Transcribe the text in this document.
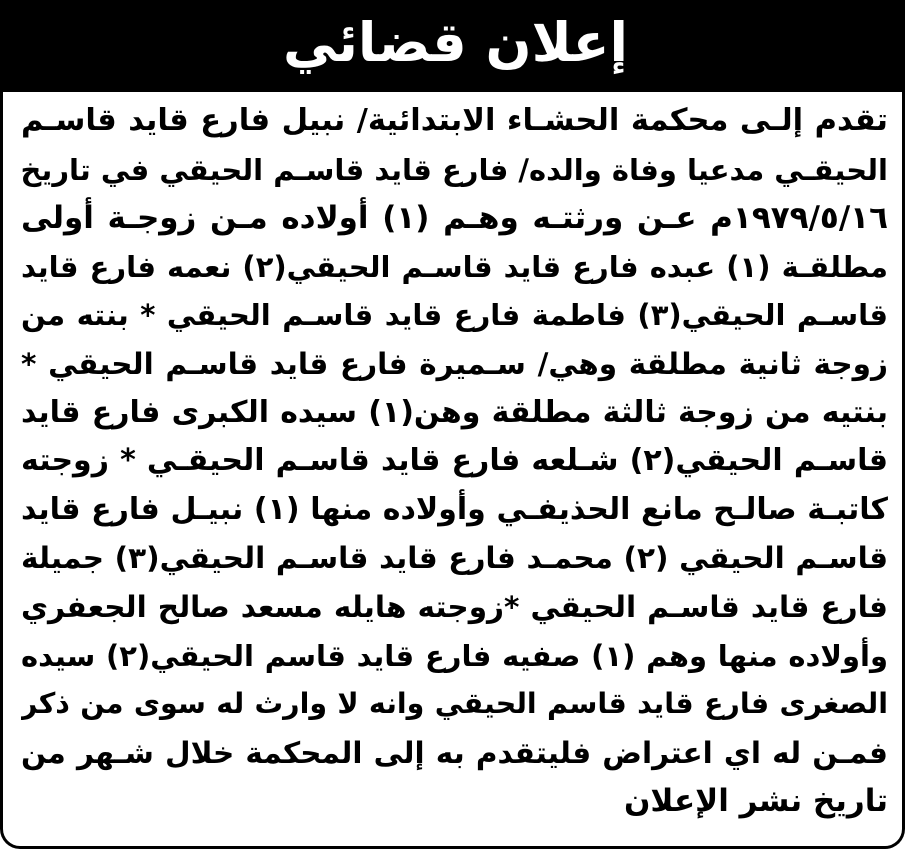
إعلان قضائي
تقدم إلـى محكمة الحشـاء الابتدائية/ نبيل فارع قايد قاسـم
الحيقـي مدعيا وفاة والده/ فارع قايد قاسـم الحيقي في تاريخ
١٩٧٩/٥/١٦م عـن ورثتـه وهـم (١) أولاده مـن زوجـة أولى
مطلقـة (١) عبده فارع قايد قاسـم الحيقي(٢) نعمه فارع قايد
قاسـم الحيقي(٣) فاطمة فارع قايد قاسـم الحيقي * بنته من
زوجة ثانية مطلقة وهي/ سـميرة فارع قايد قاسـم الحيقي *
بنتيه من زوجة ثالثة مطلقة وهن(١) سيده الكبرى فارع قايد
قاسـم الحيقي(٢) شـلعه فارع قايد قاسـم الحيقـي * زوجته
كاتبـة صالـح مانع الحذيفـي وأولاده منها (١) نبيـل فارع قايد
قاسـم الحيقي (٢) محمـد فارع قايد قاسـم الحيقي(٣) جميلة
فارع قايد قاسـم الحيقي *زوجته هايله مسعد صالح الجعفري
وأولاده منها وهم (١) صفيه فارع قايد قاسم الحيقي(٢) سيده
الصغرى فارع قايد قاسم الحيقي وانه لا وارث له سوى من ذكر
فمـن له اي اعتراض فليتقدم به إلى المحكمة خلال شـهر من
تاريخ نشر الإعلان
